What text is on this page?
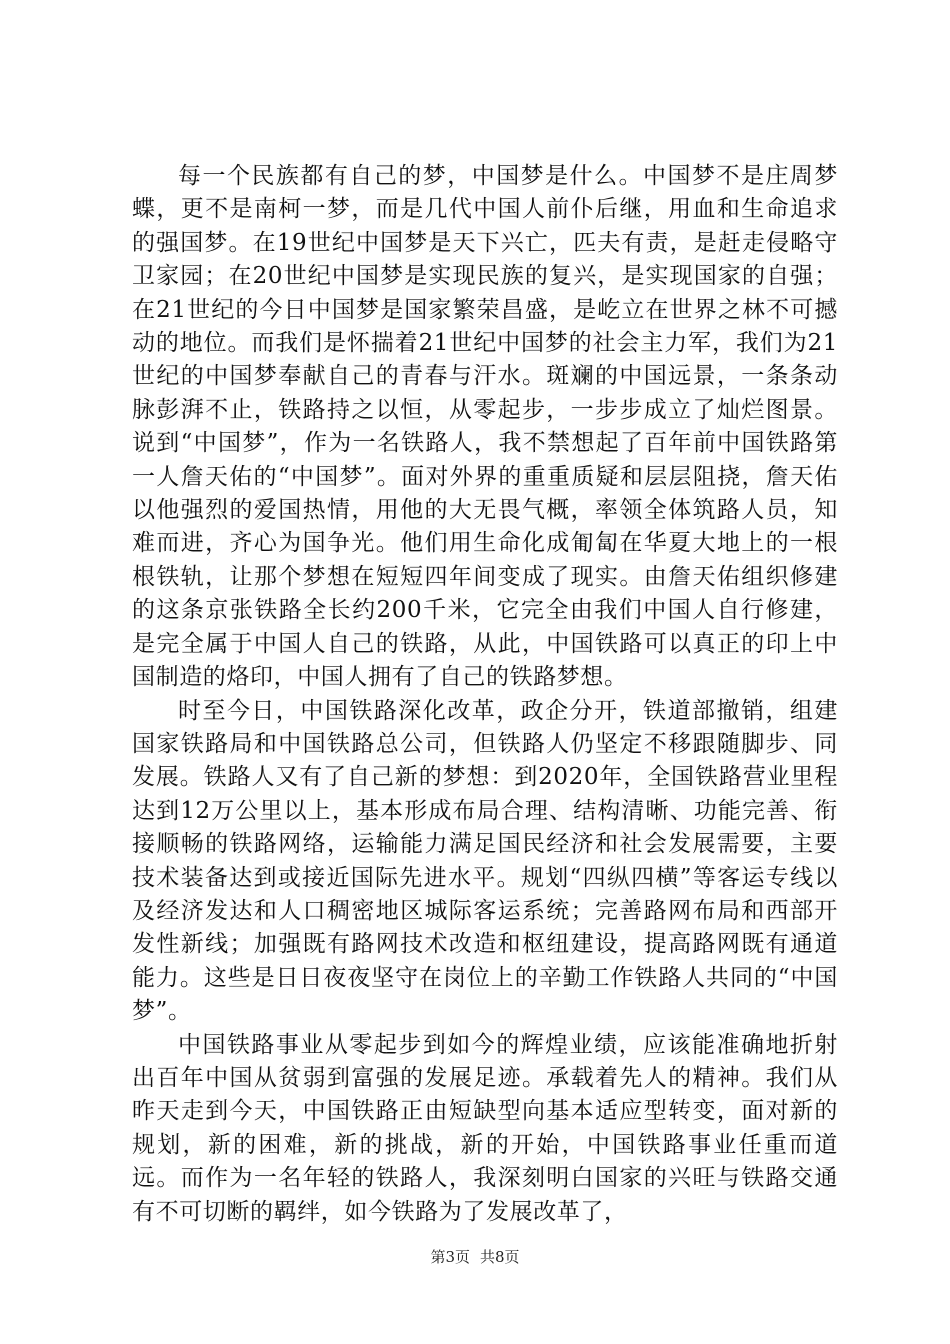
每一个民族都有自己的梦，中国梦是什么。中国梦不是庄周梦蝶，更不是南柯一梦，而是几代中国人前仆后继，用血和生命追求的强国梦。在19世纪中国梦是天下兴亡，匹夫有责，是赶走侵略守卫家园；在20世纪中国梦是实现民族的复兴，是实现国家的自强；在21世纪的今日中国梦是国家繁荣昌盛，是屹立在世界之林不可撼动的地位。而我们是怀揣着21世纪中国梦的社会主力军，我们为21世纪的中国梦奉献自己的青春与汗水。斑斓的中国远景，一条条动脉彭湃不止，铁路持之以恒，从零起步，一步步成立了灿烂图景。说到“中国梦”，作为一名铁路人，我不禁想起了百年前中国铁路第一人詹天佑的“中国梦”。面对外界的重重质疑和层层阻挠，詹天佑以他强烈的爱国热情，用他的大无畏气概，率领全体筑路人员，知难而进，齐心为国争光。他们用生命化成匍匐在华夏大地上的一根根铁轨，让那个梦想在短短四年间变成了现实。由詹天佑组织修建的这条京张铁路全长约200千米，它完全由我们中国人自行修建，是完全属于中国人自己的铁路，从此，中国铁路可以真正的印上中国制造的烙印，中国人拥有了自己的铁路梦想。

时至今日，中国铁路深化改革，政企分开，铁道部撤销，组建国家铁路局和中国铁路总公司，但铁路人仍坚定不移跟随脚步、同发展。铁路人又有了自己新的梦想：到2020年，全国铁路营业里程达到12万公里以上，基本形成布局合理、结构清晰、功能完善、衔接顺畅的铁路网络，运输能力满足国民经济和社会发展需要，主要技术装备达到或接近国际先进水平。规划“四纵四横”等客运专线以及经济发达和人口稠密地区城际客运系统；完善路网布局和西部开发性新线；加强既有路网技术改造和枢纽建设，提高路网既有通道能力。这些是日日夜夜坚守在岗位上的辛勤工作铁路人共同的“中国梦”。

中国铁路事业从零起步到如今的辉煌业绩，应该能准确地折射出百年中国从贫弱到富强的发展足迹。承载着先人的精神。我们从昨天走到今天，中国铁路正由短缺型向基本适应型转变，面对新的规划，新的困难，新的挑战，新的开始，中国铁路事业任重而道远。而作为一名年轻的铁路人，我深刻明白国家的兴旺与铁路交通有不可切断的羁绊，如今铁路为了发展改革了，

第3页 共8页
